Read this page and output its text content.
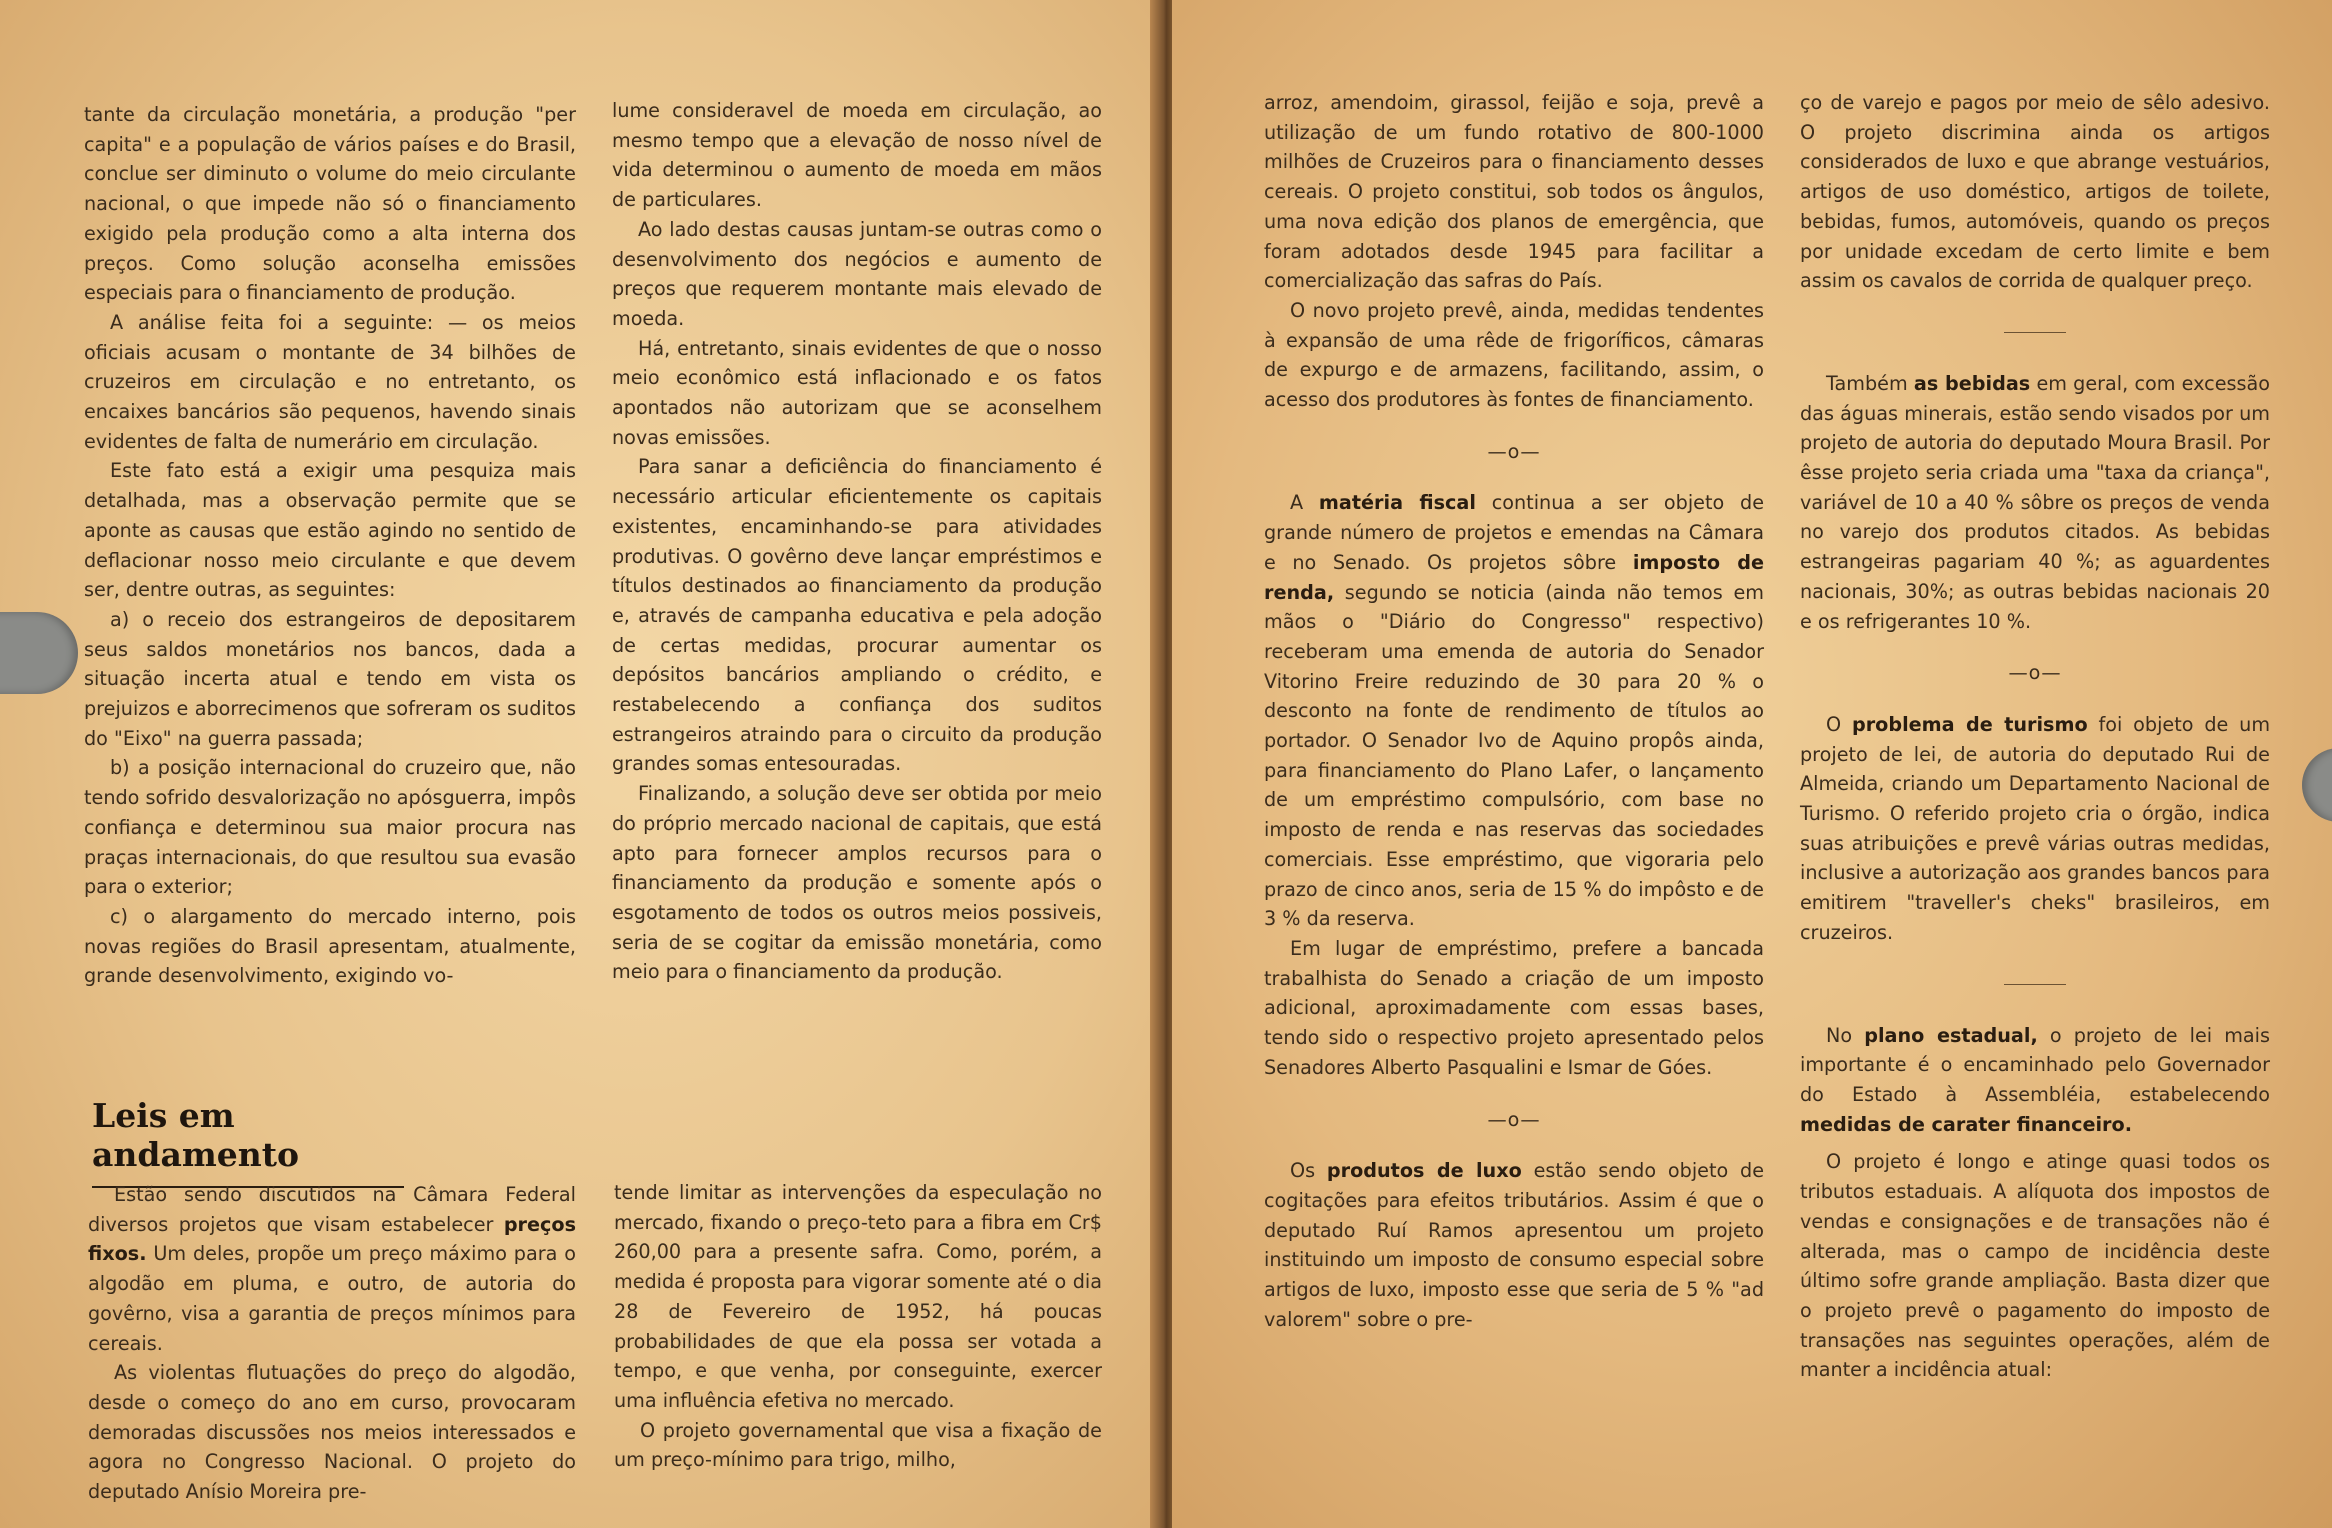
tante da circulação monetária, a produção "per capita" e a população de vários países e do Brasil, conclue ser diminuto o volume do meio circulante nacional, o que impede não só o financiamento exigido pela produção como a alta interna dos preços. Como solução aconselha emissões especiais para o financiamento de produção.

A análise feita foi a seguinte: — os meios oficiais acusam o montante de 34 bilhões de cruzeiros em circulação e no entretanto, os encaixes bancários são pequenos, havendo sinais evidentes de falta de numerário em circulação.

Este fato está a exigir uma pesquiza mais detalhada, mas a observação permite que se aponte as causas que estão agindo no sentido de deflacionar nosso meio circulante e que devem ser, dentre outras, as seguintes:

a) o receio dos estrangeiros de depositarem seus saldos monetários nos bancos, dada a situação incerta atual e tendo em vista os prejuizos e aborrecimenos que sofreram os suditos do "Eixo" na guerra passada;

b) a posição internacional do cruzeiro que, não tendo sofrido desvalorização no apósguerra, impôs confiança e determinou sua maior procura nas praças internacionais, do que resultou sua evasão para o exterior;

c) o alargamento do mercado interno, pois novas regiões do Brasil apresentam, atualmente, grande desenvolvimento, exigindo vo-

lume consideravel de moeda em circulação, ao mesmo tempo que a elevação de nosso nível de vida determinou o aumento de moeda em mãos de particulares.

Ao lado destas causas juntam-se outras como o desenvolvimento dos negócios e aumento de preços que requerem montante mais elevado de moeda.

Há, entretanto, sinais evidentes de que o nosso meio econômico está inflacionado e os fatos apontados não autorizam que se aconselhem novas emissões.

Para sanar a deficiência do financiamento é necessário articular eficientemente os capitais existentes, encaminhando-se para atividades produtivas. O govêrno deve lançar empréstimos e títulos destinados ao financiamento da produção e, através de campanha educativa e pela adoção de certas medidas, procurar aumentar os depósitos bancários ampliando o crédito, e restabelecendo a confiança dos suditos estrangeiros atraindo para o circuito da produção grandes somas entesouradas.

Finalizando, a solução deve ser obtida por meio do próprio mercado nacional de capitais, que está apto para fornecer amplos recursos para o financiamento da produção e somente após o esgotamento de todos os outros meios possiveis, seria de se cogitar da emissão monetária, como meio para o financiamento da produção.

Leis em andamento

Estão sendo discutidos na Câmara Federal diversos projetos que visam estabelecer preços fixos. Um deles, propõe um preço máximo para o algodão em pluma, e outro, de autoria do govêrno, visa a garantia de preços mínimos para cereais.

As violentas flutuações do preço do algodão, desde o começo do ano em curso, provocaram demoradas discussões nos meios interessados e agora no Congresso Nacional. O projeto do deputado Anísio Moreira pre-

tende limitar as intervenções da especulação no mercado, fixando o preço-teto para a fibra em Cr$ 260,00 para a presente safra. Como, porém, a medida é proposta para vigorar somente até o dia 28 de Fevereiro de 1952, há poucas probabilidades de que ela possa ser votada a tempo, e que venha, por conseguinte, exercer uma influência efetiva no mercado.

O projeto governamental que visa a fixação de um preço-mínimo para trigo, milho,

arroz, amendoim, girassol, feijão e soja, prevê a utilização de um fundo rotativo de 800-1000 milhões de Cruzeiros para o financiamento desses cereais. O projeto constitui, sob todos os ângulos, uma nova edição dos planos de emergência, que foram adotados desde 1945 para facilitar a comercialização das safras do País.

O novo projeto prevê, ainda, medidas tendentes à expansão de uma rêde de frigoríficos, câmaras de expurgo e de armazens, facilitando, assim, o acesso dos produtores às fontes de financiamento.

—o—

A matéria fiscal continua a ser objeto de grande número de projetos e emendas na Câmara e no Senado. Os projetos sôbre imposto de renda, segundo se noticia (ainda não temos em mãos o "Diário do Congresso" respectivo) receberam uma emenda de autoria do Senador Vitorino Freire reduzindo de 30 para 20 % o desconto na fonte de rendimento de títulos ao portador. O Senador Ivo de Aquino propôs ainda, para financiamento do Plano Lafer, o lançamento de um empréstimo compulsório, com base no imposto de renda e nas reservas das sociedades comerciais. Esse empréstimo, que vigoraria pelo prazo de cinco anos, seria de 15 % do impôsto e de 3 % da reserva.

Em lugar de empréstimo, prefere a bancada trabalhista do Senado a criação de um imposto adicional, aproximadamente com essas bases, tendo sido o respectivo projeto apresentado pelos Senadores Alberto Pasqualini e Ismar de Góes.

—o—

Os produtos de luxo estão sendo objeto de cogitações para efeitos tributários. Assim é que o deputado Ruí Ramos apresentou um projeto instituindo um imposto de consumo especial sobre artigos de luxo, imposto esse que seria de 5 % "ad valorem" sobre o pre-

ço de varejo e pagos por meio de sêlo adesivo. O projeto discrimina ainda os artigos considerados de luxo e que abrange vestuários, artigos de uso doméstico, artigos de toilete, bebidas, fumos, automóveis, quando os preços por unidade excedam de certo limite e bem assim os cavalos de corrida de qualquer preço.

Também as bebidas em geral, com excessão das águas minerais, estão sendo visados por um projeto de autoria do deputado Moura Brasil. Por êsse projeto seria criada uma "taxa da criança", variável de 10 a 40 % sôbre os preços de venda no varejo dos produtos citados. As bebidas estrangeiras pagariam 40 %; as aguardentes nacionais, 30%; as outras bebidas nacionais 20 e os refrigerantes 10 %.

—o—

O problema de turismo foi objeto de um projeto de lei, de autoria do deputado Rui de Almeida, criando um Departamento Nacional de Turismo. O referido projeto cria o órgão, indica suas atribuições e prevê várias outras medidas, inclusive a autorização aos grandes bancos para emitirem "traveller's cheks" brasileiros, em cruzeiros.

No plano estadual, o projeto de lei mais importante é o encaminhado pelo Governador do Estado à Assembléia, estabelecendo medidas de carater financeiro.

O projeto é longo e atinge quasi todos os tributos estaduais. A alíquota dos impostos de vendas e consignações e de transações não é alterada, mas o campo de incidência deste último sofre grande ampliação. Basta dizer que o projeto prevê o pagamento do imposto de transações nas seguintes operações, além de manter a incidência atual:
